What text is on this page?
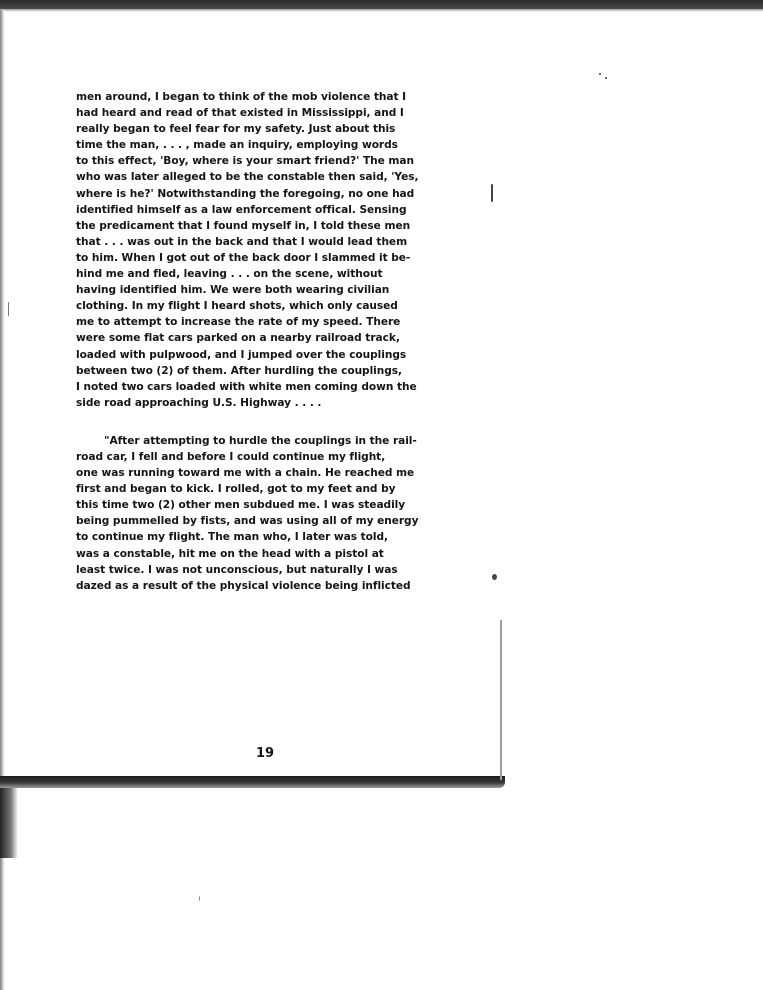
men around, I began to think of the mob violence that I
had heard and read of that existed in Mississippi, and I
really began to feel fear for my safety. Just about this
time the man, . . . , made an inquiry, employing words
to this effect, 'Boy, where is your smart friend?' The man
who was later alleged to be the constable then said, 'Yes,
where is he?' Notwithstanding the foregoing, no one had
identified himself as a law enforcement offical. Sensing
the predicament that I found myself in, I told these men
that . . . was out in the back and that I would lead them
to him. When I got out of the back door I slammed it be-
hind me and fled, leaving . . . on the scene, without
having identified him. We were both wearing civilian
clothing. In my flight I heard shots, which only caused
me to attempt to increase the rate of my speed. There
were some flat cars parked on a nearby railroad track,
loaded with pulpwood, and I jumped over the couplings
between two (2) of them. After hurdling the couplings,
I noted two cars loaded with white men coming down the
side road approaching U.S. Highway . . . .
"After attempting to hurdle the couplings in the rail-
road car, I fell and before I could continue my flight,
one was running toward me with a chain. He reached me
first and began to kick. I rolled, got to my feet and by
this time two (2) other men subdued me. I was steadily
being pummelled by fists, and was using all of my energy
to continue my flight. The man who, I later was told,
was a constable, hit me on the head with a pistol at
least twice. I was not unconscious, but naturally I was
dazed as a result of the physical violence being inflicted
19
